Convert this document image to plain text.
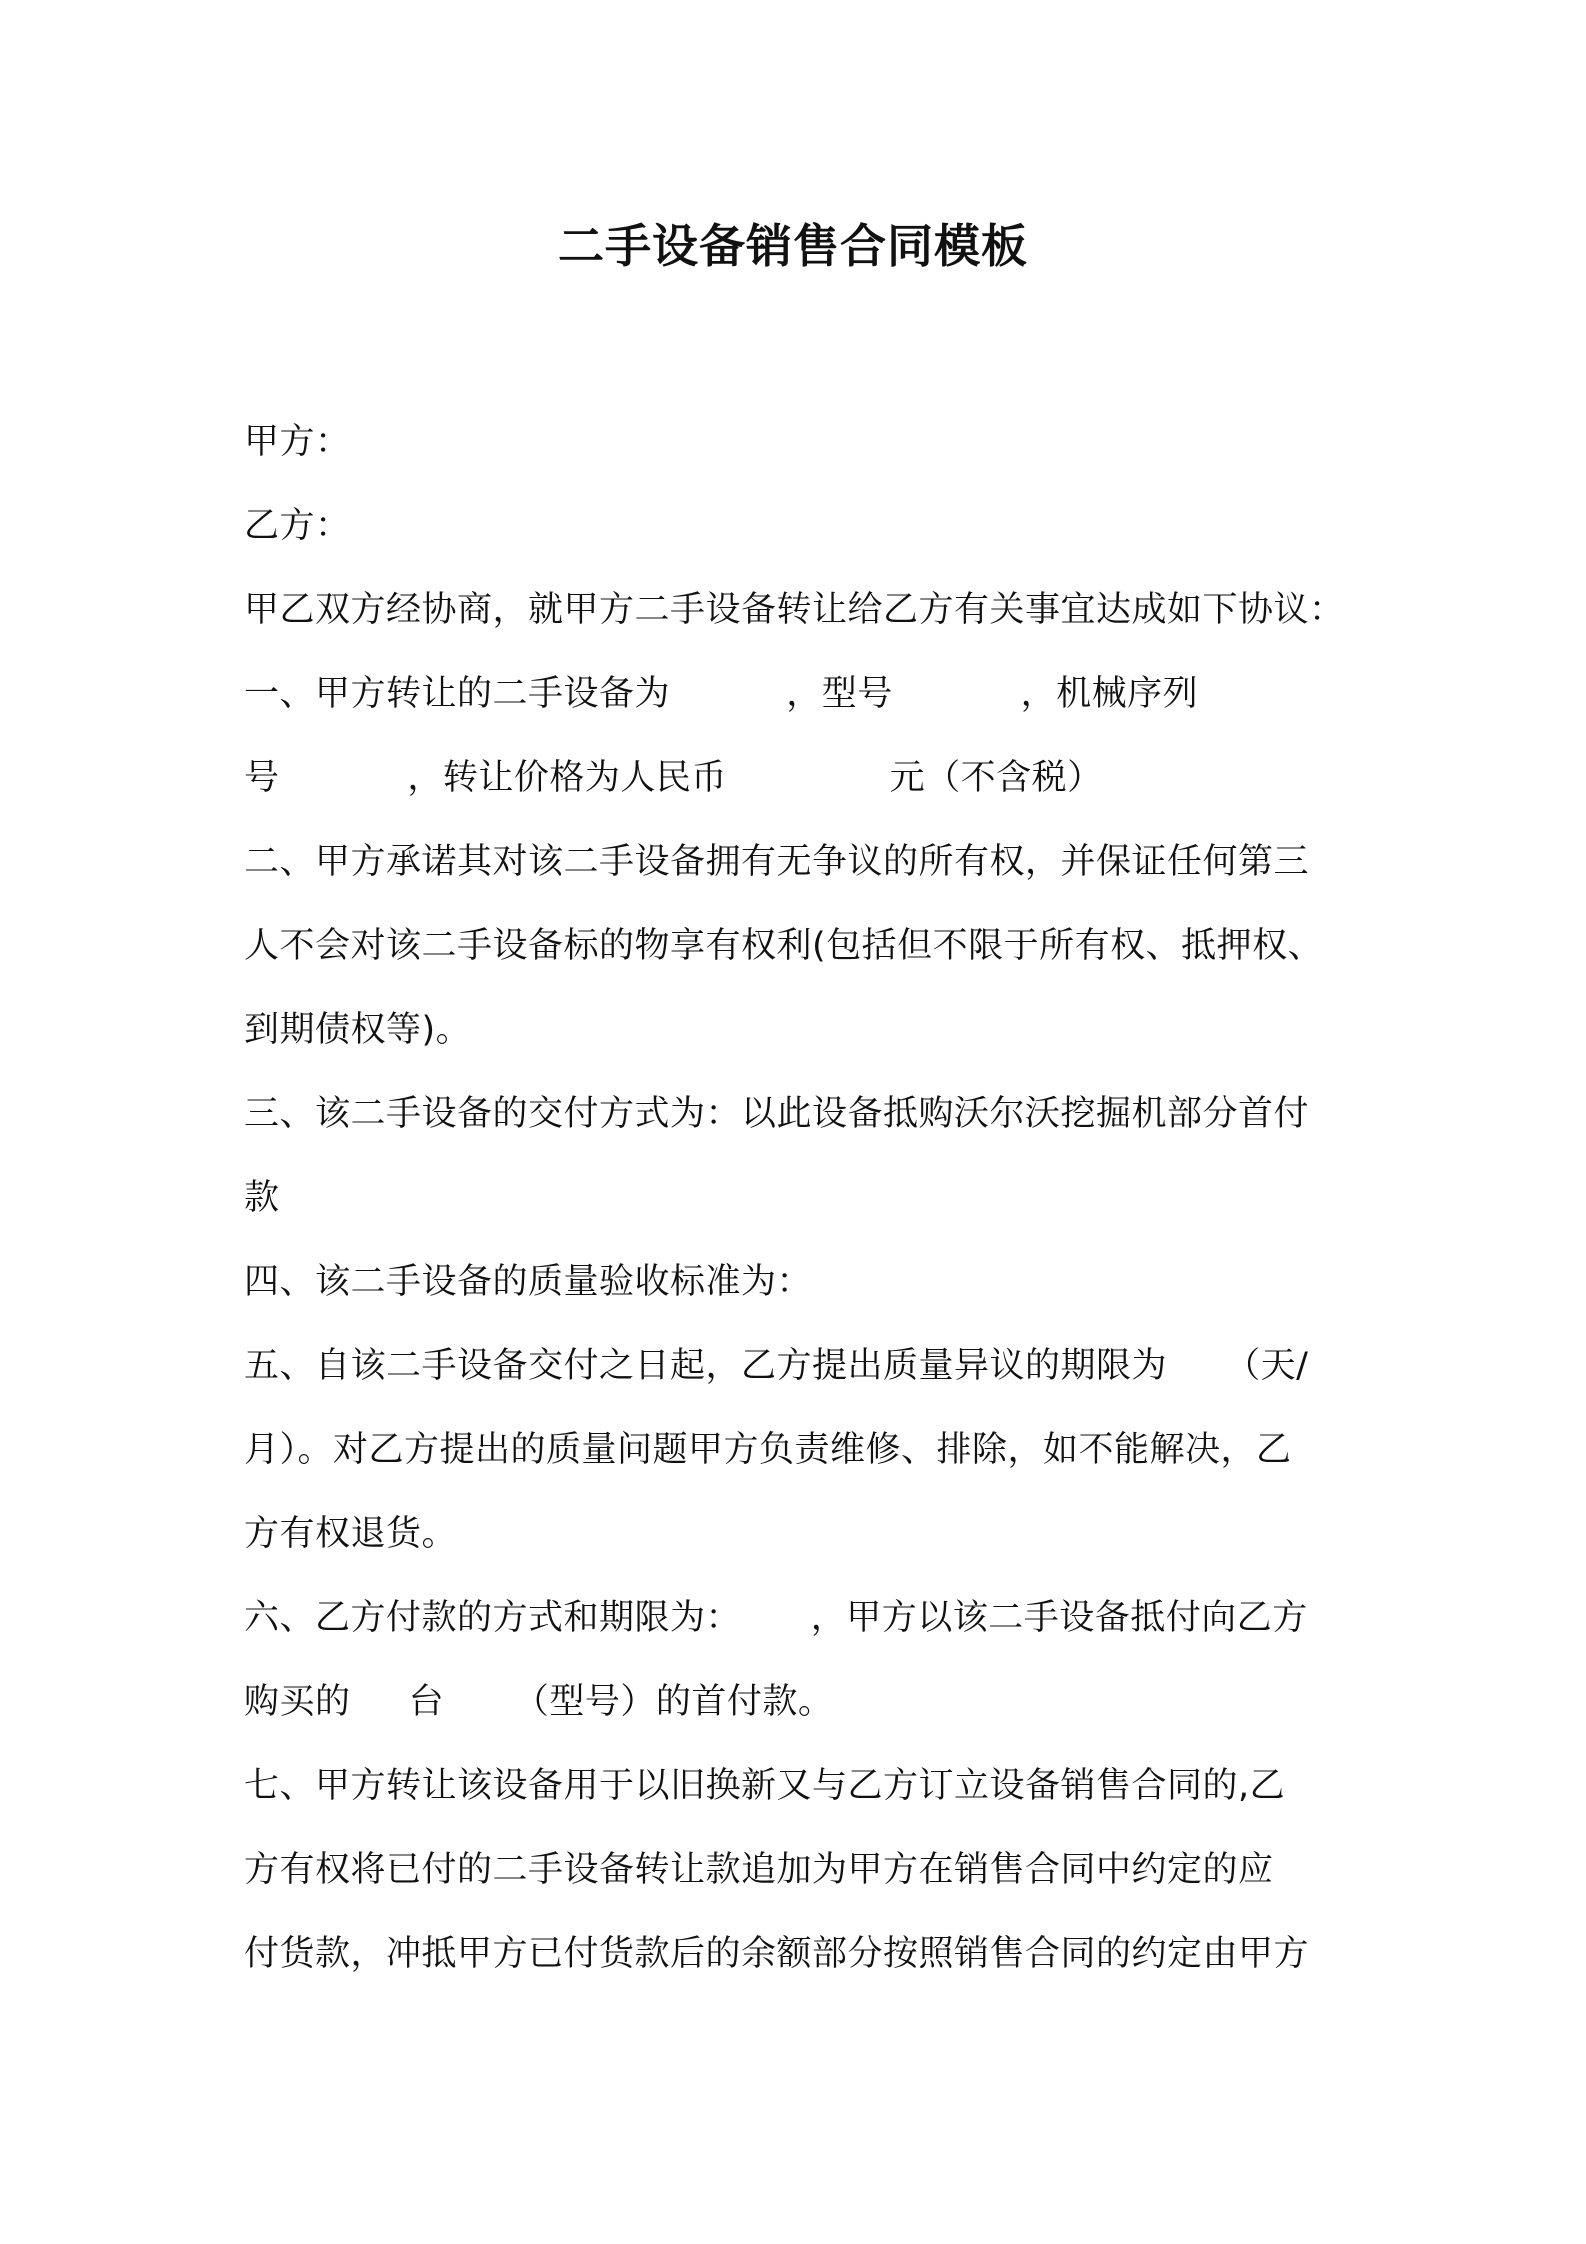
二手设备销售合同模板
甲方：
乙方：
甲乙双方经协商，就甲方二手设备转让给乙方有关事宜达成如下协议：
一、甲方转让的二手设备为          ，型号           ，机械序列
号           ，转让价格为人民币              元（不含税）
二、甲方承诺其对该二手设备拥有无争议的所有权，并保证任何第三
人不会对该二手设备标的物享有权利(包括但不限于所有权、抵押权、
到期债权等)。
三、该二手设备的交付方式为：以此设备抵购沃尔沃挖掘机部分首付
款
四、该二手设备的质量验收标准为：
五、自该二手设备交付之日起，乙方提出质量异议的期限为     （天/
月）。对乙方提出的质量问题甲方负责维修、排除，如不能解决，乙
方有权退货。
六、乙方付款的方式和期限为：      ，甲方以该二手设备抵付向乙方
购买的     台      （型号）的首付款。
七、甲方转让该设备用于以旧换新又与乙方订立设备销售合同的,乙
方有权将已付的二手设备转让款追加为甲方在销售合同中约定的应
付货款，冲抵甲方已付货款后的余额部分按照销售合同的约定由甲方
